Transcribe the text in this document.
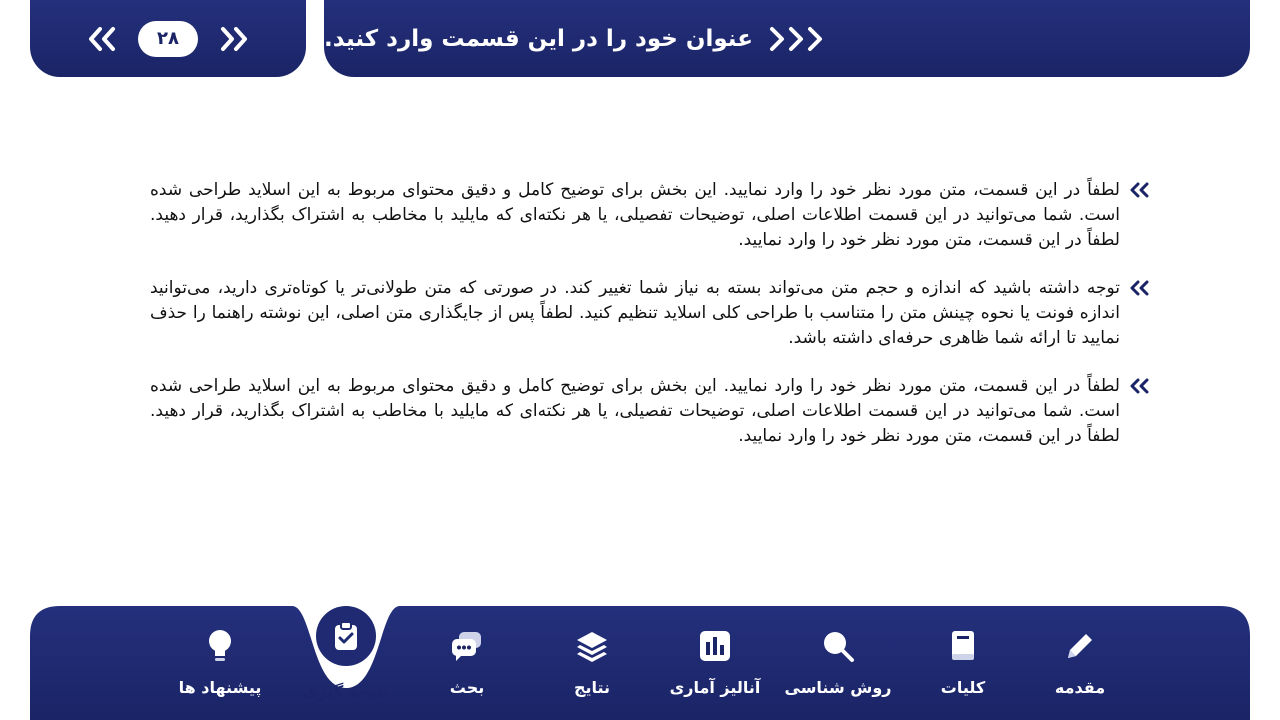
۲۸	عنوان خود را در این قسمت وارد کنید.

لطفاً در این قسمت، متن مورد نظر خود را وارد نمایید. این بخش برای توضیح کامل و دقیق محتوای مربوط به این اسلاید طراحی شده است. شما می‌توانید در این قسمت اطلاعات اصلی، توضیحات تفصیلی، یا هر نکته‌ای که مایلید با مخاطب به اشتراک بگذارید، قرار دهید. لطفاً در این قسمت، متن مورد نظر خود را وارد نمایید.

توجه داشته باشید که اندازه و حجم متن می‌تواند بسته به نیاز شما تغییر کند. در صورتی که متن طولانی‌تر یا کوتاه‌تری دارید، می‌توانید اندازه فونت یا نحوه چینش متن را متناسب با طراحی کلی اسلاید تنظیم کنید. لطفاً پس از جایگذاری متن اصلی، این نوشته راهنما را حذف نمایید تا ارائه شما ظاهری حرفه‌ای داشته باشد.

لطفاً در این قسمت، متن مورد نظر خود را وارد نمایید. این بخش برای توضیح کامل و دقیق محتوای مربوط به این اسلاید طراحی شده است. شما می‌توانید در این قسمت اطلاعات اصلی، توضیحات تفصیلی، یا هر نکته‌ای که مایلید با مخاطب به اشتراک بگذارید، قرار دهید. لطفاً در این قسمت، متن مورد نظر خود را وارد نمایید.

مقدمه
کلیات
روش شناسی
آنالیز آماری
نتایج
بحث
نتیجه گیری
پیشنهاد ها
